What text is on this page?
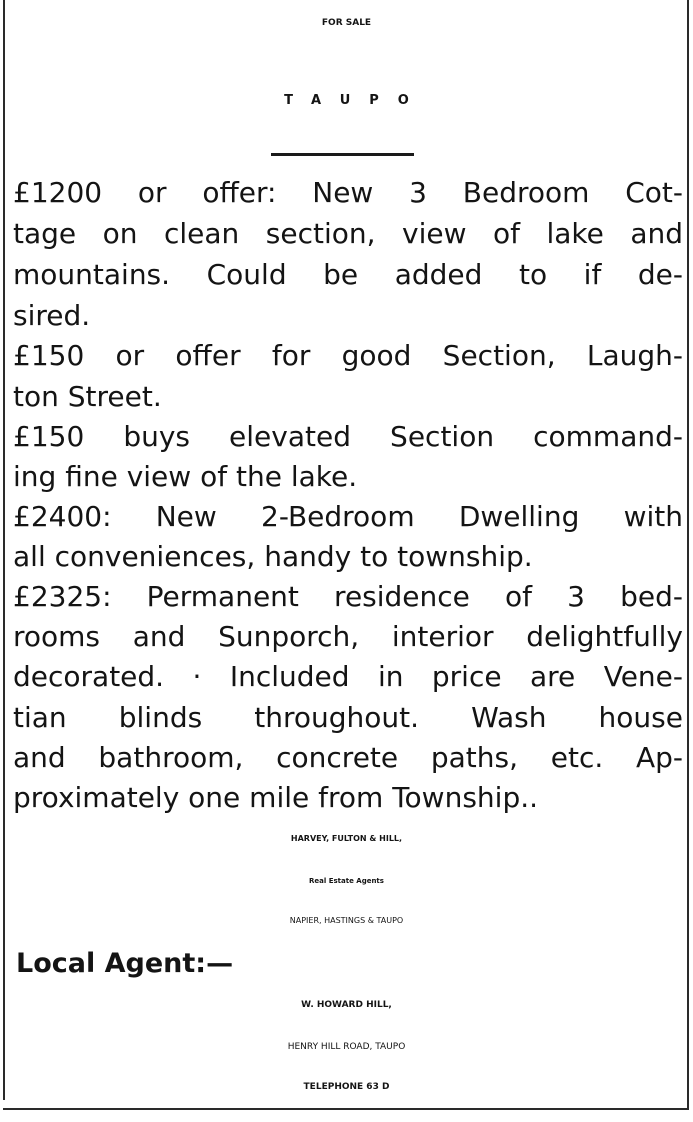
FOR SALE
TAUPO
£1200 or offer: New 3 Bedroom Cot-
tage on clean section, view of lake and
mountains. Could be added to if de-
sired.
£150 or offer for good Section, Laugh-
ton Street.
£150 buys elevated Section command-
ing fine view of the lake.
£2400: New 2-Bedroom Dwelling with
all conveniences, handy to township.
£2325: Permanent residence of 3 bed-
rooms and Sunporch, interior delightfully
decorated. · Included in price are Vene-
tian blinds throughout. Wash house
and bathroom, concrete paths, etc. Ap-
proximately one mile from Township..
HARVEY, FULTON & HILL,
Real Estate Agents
NAPIER, HASTINGS & TAUPO
Local Agent:—
W. HOWARD HILL,
HENRY HILL ROAD, TAUPO
TELEPHONE 63 D
